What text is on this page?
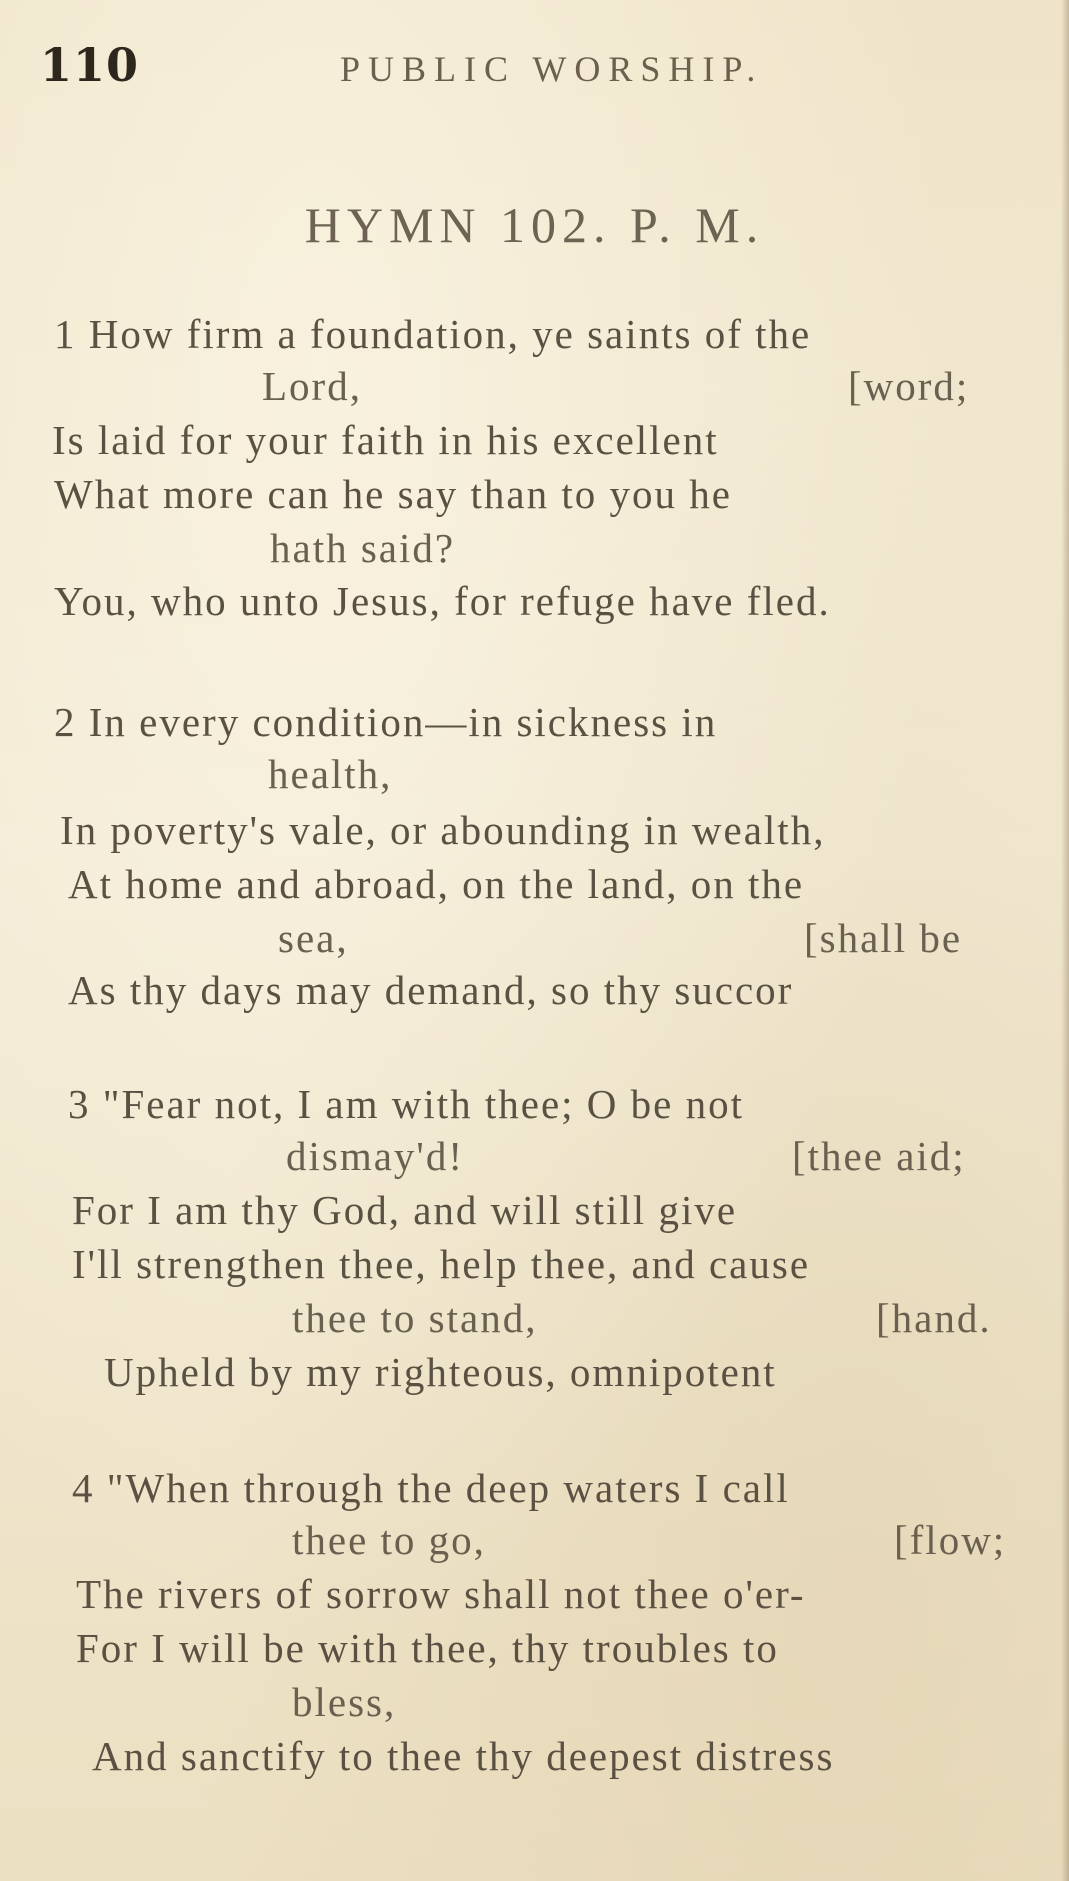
110	PUBLIC WORSHIP.
HYMN 102. P. M.
1 How firm a foundation, ye saints of the
Lord,	[word;
Is laid for your faith in his excellent
What more can he say than to you he
hath said?
You, who unto Jesus, for refuge have fled.
2 In every condition—in sickness in
health,
In poverty's vale, or abounding in wealth,
At home and abroad, on the land, on the
sea,	[shall be
As thy days may demand, so thy succor
3 "Fear not, I am with thee; O be not
dismay'd!	[thee aid;
For I am thy God, and will still give
I'll strengthen thee, help thee, and cause
thee to stand,	[hand.
Upheld by my righteous, omnipotent
4 "When through the deep waters I call
thee to go,	[flow;
The rivers of sorrow shall not thee o'er-
For I will be with thee, thy troubles to
bless,
And sanctify to thee thy deepest distress
